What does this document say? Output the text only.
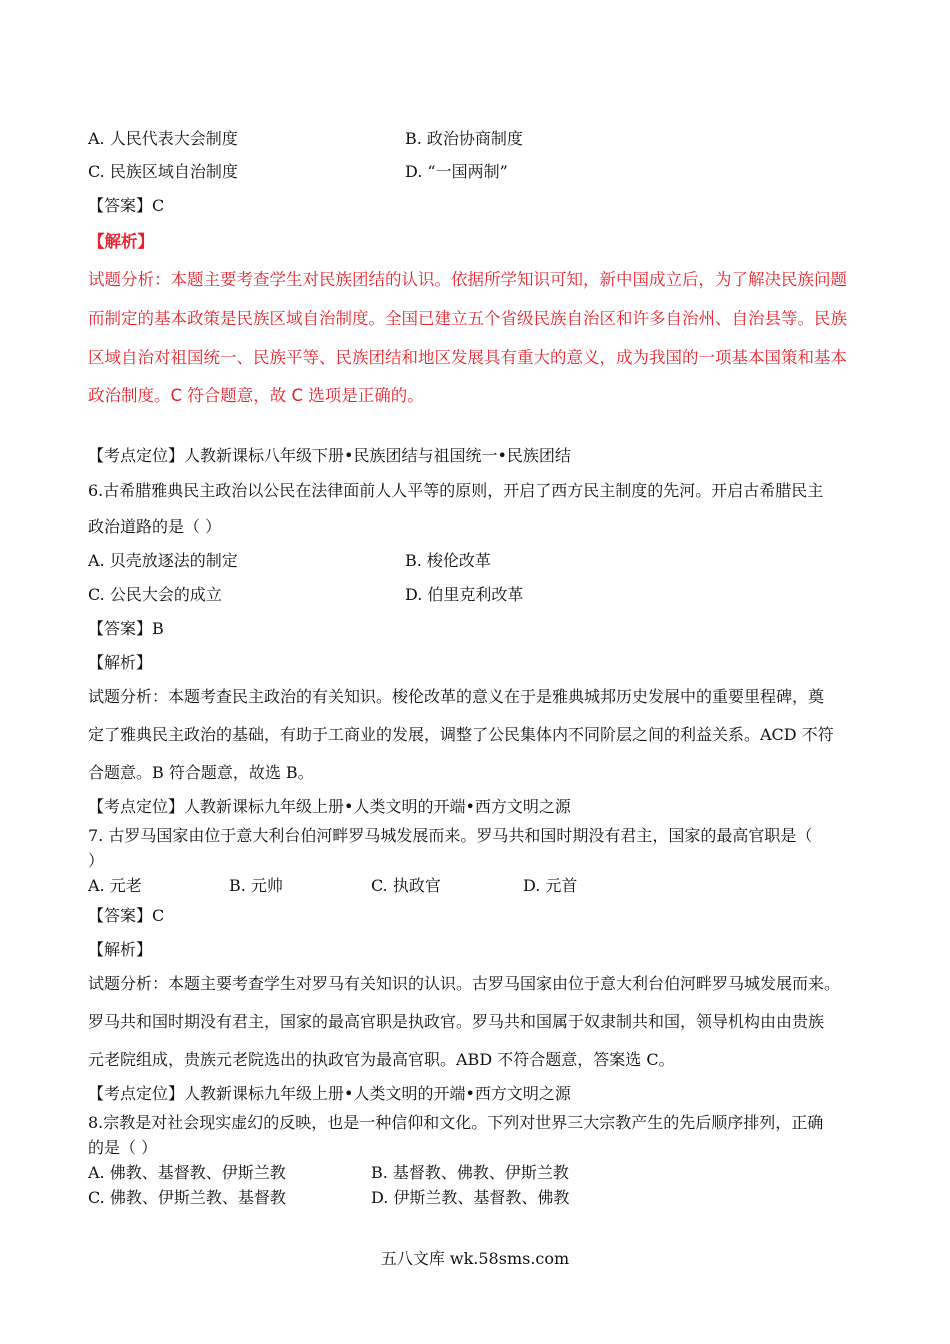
A. 人民代表大会制度	B. 政治协商制度
C. 民族区域自治制度	D. “一国两制”
【答案】C
【解析】
试题分析：本题主要考查学生对民族团结的认识。依据所学知识可知，新中国成立后，为了解决民族问题
而制定的基本政策是民族区域自治制度。全国已建立五个省级民族自治区和许多自治州、自治县等。民族
区域自治对祖国统一、民族平等、民族团结和地区发展具有重大的意义，成为我国的一项基本国策和基本
政治制度。C 符合题意，故 C 选项是正确的。
【考点定位】人教新课标八年级下册•民族团结与祖国统一•民族团结
6.古希腊雅典民主政治以公民在法律面前人人平等的原则，开启了西方民主制度的先河。开启古希腊民主
政治道路的是（ ）
A. 贝壳放逐法的制定	B. 梭伦改革
C. 公民大会的成立	D. 伯里克利改革
【答案】B
【解析】
试题分析：本题考查民主政治的有关知识。梭伦改革的意义在于是雅典城邦历史发展中的重要里程碑，奠
定了雅典民主政治的基础，有助于工商业的发展，调整了公民集体内不同阶层之间的利益关系。ACD 不符
合题意。B 符合题意，故选 B。
【考点定位】人教新课标九年级上册•人类文明的开端•西方文明之源
7. 古罗马国家由位于意大利台伯河畔罗马城发展而来。罗马共和国时期没有君主，国家的最高官职是（
）
A. 元老	B. 元帅	C. 执政官	D. 元首
【答案】C
【解析】
试题分析：本题主要考查学生对罗马有关知识的认识。古罗马国家由位于意大利台伯河畔罗马城发展而来。
罗马共和国时期没有君主，国家的最高官职是执政官。罗马共和国属于奴隶制共和国，领导机构由由贵族
元老院组成，贵族元老院选出的执政官为最高官职。ABD 不符合题意，答案选 C。
【考点定位】人教新课标九年级上册•人类文明的开端•西方文明之源
8.宗教是对社会现实虚幻的反映，也是一种信仰和文化。下列对世界三大宗教产生的先后顺序排列，正确
的是（ ）
A. 佛教、基督教、伊斯兰教	B. 基督教、佛教、伊斯兰教
C. 佛教、伊斯兰教、基督教	D. 伊斯兰教、基督教、佛教
五八文库 wk.58sms.com
